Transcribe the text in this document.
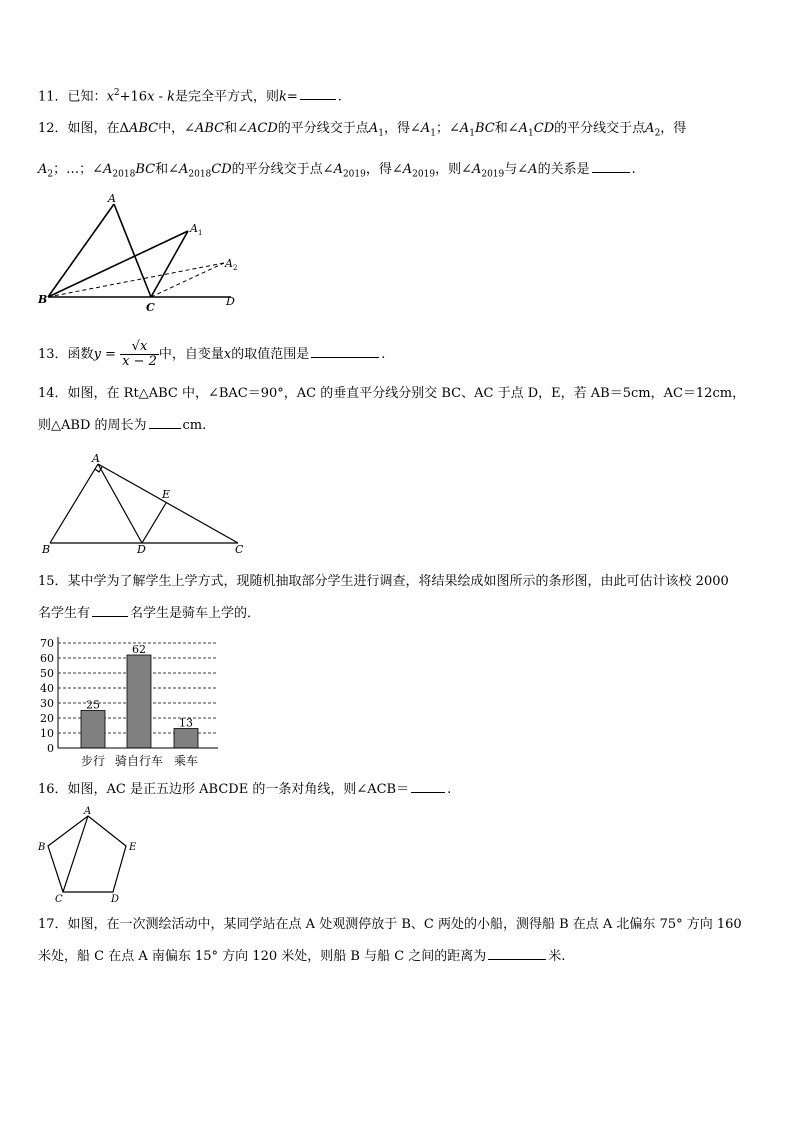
11．已知：$x^2+16x - k$是完全平方式，则k=	.
12．如图，在ΔABC中，∠ABC和∠ACD的平分线交于点$A_1$，得$\angle A_1$；$\angle A_1BC$和$\angle A_1CD$的平分线交于点$A_2$，得
$A_2$；…；$\angle A_{2018}BC$和$\angle A_{2018}CD$的平分线交于点$\angle A_{2019}$，得$\angle A_{2019}$，则$\angle A_{2019}$与∠A的关系是	.
A
A 1
A 2
B
C	D
13．函数$y = \frac{√x}{x - 2}$ 中，自变量x的取值范围是	.
14．如图，在 Rt△ABC 中，∠BAC＝90°，AC 的垂直平分线分别交 BC、AC 于点 D，E，若 AB＝5cm，AC＝12cm，
则△ABD 的周长为	cm.
A
B	C
D
E
15．某中学为了解学生上学方式，现随机抽取部分学生进行调查，将结果绘成如图所示的条形图，由此可估计该校 2000
名学生有	名学生是骑车上学的．
0
10
20
30
40
50
60
70
25
62
13
步行 骑自行车 乘车
16．如图，AC 是正五边形 ABCDE 的一条对角线，则∠ACB＝	.
A
B
C	D
E
17．如图，在一次测绘活动中，某同学站在点 A 处观测停放于 B、C 两处的小船，测得船 B 在点 A 北偏东 75° 方向 160
米处，船 C 在点 A 南偏东 15° 方向 120 米处，则船 B 与船 C 之间的距离为	米.
